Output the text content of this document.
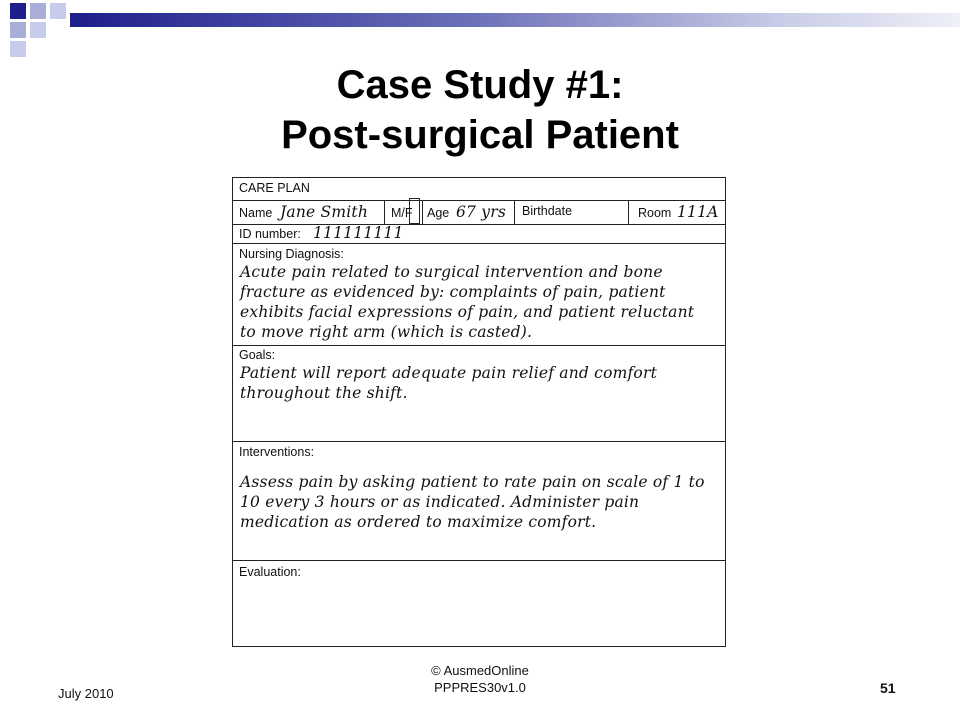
Case Study #1:
Post-surgical Patient
CARE PLAN
Name Jane Smith M/F Age 67 yrs Birthdate	Room 111A
ID number: 111111111
Nursing Diagnosis:
Acute pain related to surgical intervention and bone
fracture as evidenced by: complaints of pain, patient
exhibits facial expressions of pain, and patient reluctant
to move right arm (which is casted).
Goals:
Patient will report adequate pain relief and comfort
throughout the shift.
Interventions:
Assess pain by asking patient to rate pain on scale of 1 to
10 every 3 hours or as indicated. Administer pain
medication as ordered to maximize comfort.
Evaluation:
July 2010
© AusmedOnline
PPPRES30v1.0	51
